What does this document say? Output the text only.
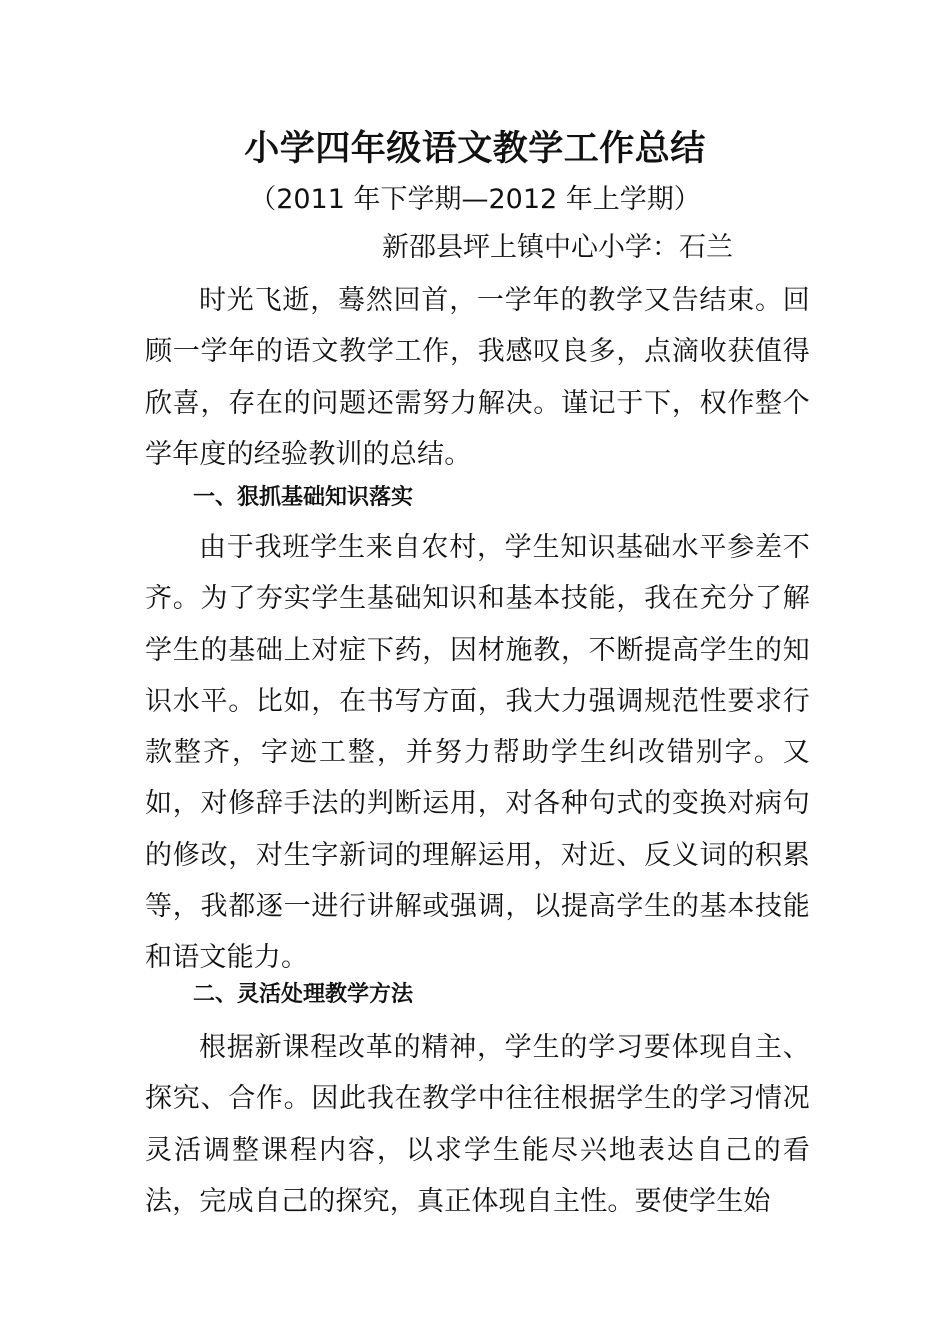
小学四年级语文教学工作总结
（2011 年下学期—2012 年上学期）
新邵县坪上镇中心小学：石兰
时光飞逝，蓦然回首，一学年的教学又告结束。回顾一学年的语文教学工作，我感叹良多，点滴收获值得欣喜，存在的问题还需努力解决。谨记于下，权作整个学年度的经验教训的总结。
一、狠抓基础知识落实
由于我班学生来自农村，学生知识基础水平参差不齐。为了夯实学生基础知识和基本技能，我在充分了解学生的基础上对症下药，因材施教，不断提高学生的知识水平。比如，在书写方面，我大力强调规范性要求行款整齐，字迹工整，并努力帮助学生纠改错别字。又如，对修辞手法的判断运用，对各种句式的变换对病句的修改，对生字新词的理解运用，对近、反义词的积累等，我都逐一进行讲解或强调，以提高学生的基本技能和语文能力。
二、灵活处理教学方法
根据新课程改革的精神，学生的学习要体现自主、探究、合作。因此我在教学中往往根据学生的学习情况灵活调整课程内容，以求学生能尽兴地表达自己的看法，完成自己的探究，真正体现自主性。要使学生始
